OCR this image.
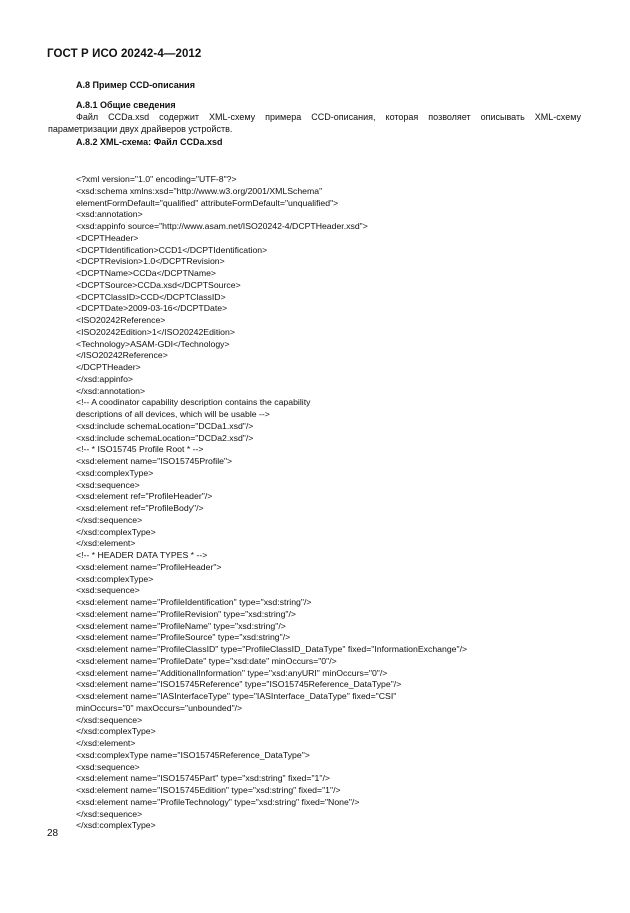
ГОСТ Р ИСО 20242-4—2012
А.8 Пример CCD-описания
А.8.1 Общие сведения
Файл CCDa.xsd содержит XML-схему примера CCD-описания, которая позволяет описывать XML-схему
параметризации двух драйверов устройств.
А.8.2 XML-схема: Файл CCDa.xsd
<?xml version="1.0" encoding="UTF-8"?>
<xsd:schema xmlns:xsd="http://www.w3.org/2001/XMLSchema"
elementFormDefault="qualified" attributeFormDefault="unqualified">
<xsd:annotation>
<xsd:appinfo source="http://www.asam.net/ISO20242-4/DCPTHeader.xsd">
<DCPTHeader>
<DCPTIdentification>CCD1</DCPTIdentification>
<DCPTRevision>1.0</DCPTRevision>
<DCPTName>CCDa</DCPTName>
<DCPTSource>CCDa.xsd</DCPTSource>
<DCPTClassID>CCD</DCPTClassID>
<DCPTDate>2009-03-16</DCPTDate>
<ISO20242Reference>
<ISO20242Edition>1</ISO20242Edition>
<Technology>ASAM-GDI</Technology>
</ISO20242Reference>
</DCPTHeader>
</xsd:appinfo>
</xsd:annotation>
<!-- A coodinator capability description contains the capability
descriptions of all devices, which will be usable -->
<xsd:include schemaLocation="DCDa1.xsd"/>
<xsd:include schemaLocation="DCDa2.xsd"/>
<!-- * ISO15745 Profile Root * -->
<xsd:element name="ISO15745Profile">
<xsd:complexType>
<xsd:sequence>
<xsd:element ref="ProfileHeader"/>
<xsd:element ref="ProfileBody"/>
</xsd:sequence>
</xsd:complexType>
</xsd:element>
<!-- * HEADER DATA TYPES * -->
<xsd:element name="ProfileHeader">
<xsd:complexType>
<xsd:sequence>
<xsd:element name="ProfileIdentification" type="xsd:string"/>
<xsd:element name="ProfileRevision" type="xsd:string"/>
<xsd:element name="ProfileName" type="xsd:string"/>
<xsd:element name="ProfileSource" type="xsd:string"/>
<xsd:element name="ProfileClassID" type="ProfileClassID_DataType" fixed="InformationExchange"/>
<xsd:element name="ProfileDate" type="xsd:date" minOccurs="0"/>
<xsd:element name="AdditionalInformation" type="xsd:anyURI" minOccurs="0"/>
<xsd:element name="ISO15745Reference" type="ISO15745Reference_DataType"/>
<xsd:element name="IASInterfaceType" type="IASInterface_DataType" fixed="CSI"
minOccurs="0" maxOccurs="unbounded"/>
</xsd:sequence>
</xsd:complexType>
</xsd:element>
<xsd:complexType name="ISO15745Reference_DataType">
<xsd:sequence>
<xsd:element name="ISO15745Part" type="xsd:string" fixed="1"/>
<xsd:element name="ISO15745Edition" type="xsd:string" fixed="1"/>
<xsd:element name="ProfileTechnology" type="xsd:string" fixed="None"/>
</xsd:sequence>
</xsd:complexType>
28
